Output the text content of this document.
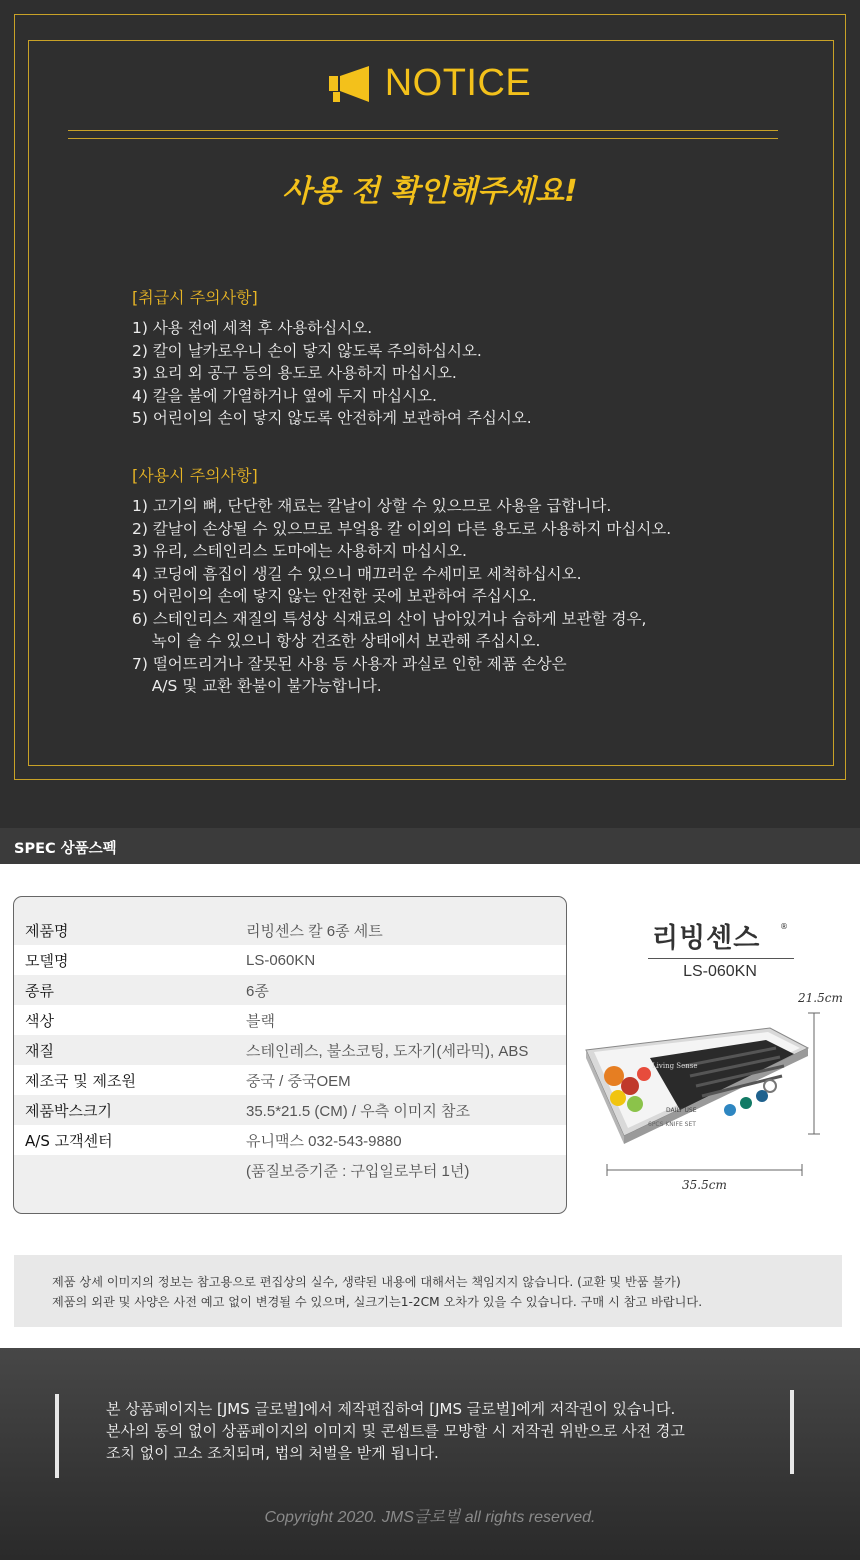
NOTICE
사용 전 확인해주세요!
[취급시 주의사항]
1) 사용 전에 세척 후 사용하십시오.
2) 칼이 날카로우니 손이 닿지 않도록 주의하십시오.
3) 요리 외 공구 등의 용도로 사용하지 마십시오.
4) 칼을 불에 가열하거나 옆에 두지 마십시오.
5) 어린이의 손이 닿지 않도록 안전하게 보관하여 주십시오.
[사용시 주의사항]
1) 고기의 뼈, 단단한 재료는 칼날이 상할 수 있으므로 사용을 급합니다.
2) 칼날이 손상될 수 있으므로 부엌용 칼 이외의 다른 용도로 사용하지 마십시오.
3) 유리, 스테인리스 도마에는 사용하지 마십시오.
4) 코딩에 흠집이 생길 수 있으니 매끄러운 수세미로 세척하십시오.
5) 어린이의 손에 닿지 않는 안전한 곳에 보관하여 주십시오.
6) 스테인리스 재질의 특성상 식재료의 산이 남아있거나 습하게 보관할 경우,
녹이 슬 수 있으니 항상 건조한 상태에서 보관해 주십시오.
7) 떨어뜨리거나 잘못된 사용 등 사용자 과실로 인한 제품 손상은
A/S 및 교환 환불이 불가능합니다.
SPEC 상품스펙
제품명	리빙센스 칼 6종 세트
모델명	LS-060KN
종류	6종
색상	블랙
재질	스테인레스, 불소코팅, 도자기(세라믹), ABS
제조국 및 제조원	중국 / 중국OEM
제품박스크기	35.5*21.5 (CM) / 우측 이미지 참조
A/S 고객센터	유니맥스 032-543-9880
(품질보증기준 : 구입일로부터 1년)
리빙센스 ®
LS-060KN
21.5cm
Living Sense
DAILY USE
6PCS KNIFE SET
35.5cm

제품 상세 이미지의 정보는 참고용으로 편집상의 실수, 생략된 내용에 대해서는 책임지지 않습니다. (교환 및 반품 불가)

제품의 외관 및 사양은 사전 예고 없이 변경될 수 있으며, 실크기는1-2CM 오차가 있을 수 있습니다. 구매 시 참고 바랍니다.

본 상품페이지는 [JMS 글로벌]에서 제작편집하여 [JMS 글로벌]에게 저작권이 있습니다.
본사의 동의 없이 상품페이지의 이미지 및 콘셉트를 모방할 시 저작권 위반으로 사전 경고
조치 없이 고소 조치되며, 법의 처벌을 받게 됩니다.
Copyright 2020. JMS글로벌 all rights reserved.
